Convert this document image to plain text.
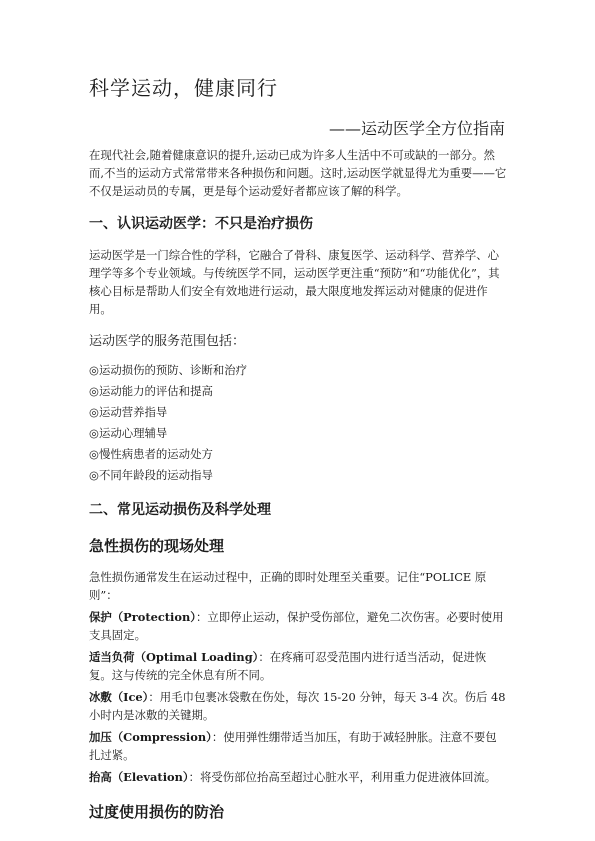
科学运动，健康同行

——运动医学全方位指南

在现代社会,随着健康意识的提升,运动已成为许多人生活中不可或缺的一部分。然而,不当的运动方式常常带来各种损伤和问题。这时,运动医学就显得尤为重要——它不仅是运动员的专属，更是每个运动爱好者都应该了解的科学。

一、认识运动医学：不只是治疗损伤

运动医学是一门综合性的学科，它融合了骨科、康复医学、运动科学、营养学、心理学等多个专业领域。与传统医学不同，运动医学更注重“预防”和“功能优化”，其核心目标是帮助人们安全有效地进行运动，最大限度地发挥运动对健康的促进作用。

运动医学的服务范围包括：

◎运动损伤的预防、诊断和治疗
◎运动能力的评估和提高
◎运动营养指导
◎运动心理辅导
◎慢性病患者的运动处方
◎不同年龄段的运动指导
二、常见运动损伤及科学处理
急性损伤的现场处理

急性损伤通常发生在运动过程中，正确的即时处理至关重要。记住“POLICE 原则”：

保护（Protection）：立即停止运动，保护受伤部位，避免二次伤害。必要时使用支具固定。

适当负荷（Optimal Loading）：在疼痛可忍受范围内进行适当活动，促进恢复。这与传统的完全休息有所不同。

冰敷（Ice）：用毛巾包裹冰袋敷在伤处，每次 15-20 分钟，每天 3-4 次。伤后 48 小时内是冰敷的关键期。

加压（Compression）：使用弹性绷带适当加压，有助于减轻肿胀。注意不要包扎过紧。

抬高（Elevation）：将受伤部位抬高至超过心脏水平，利用重力促进液体回流。

过度使用损伤的防治
